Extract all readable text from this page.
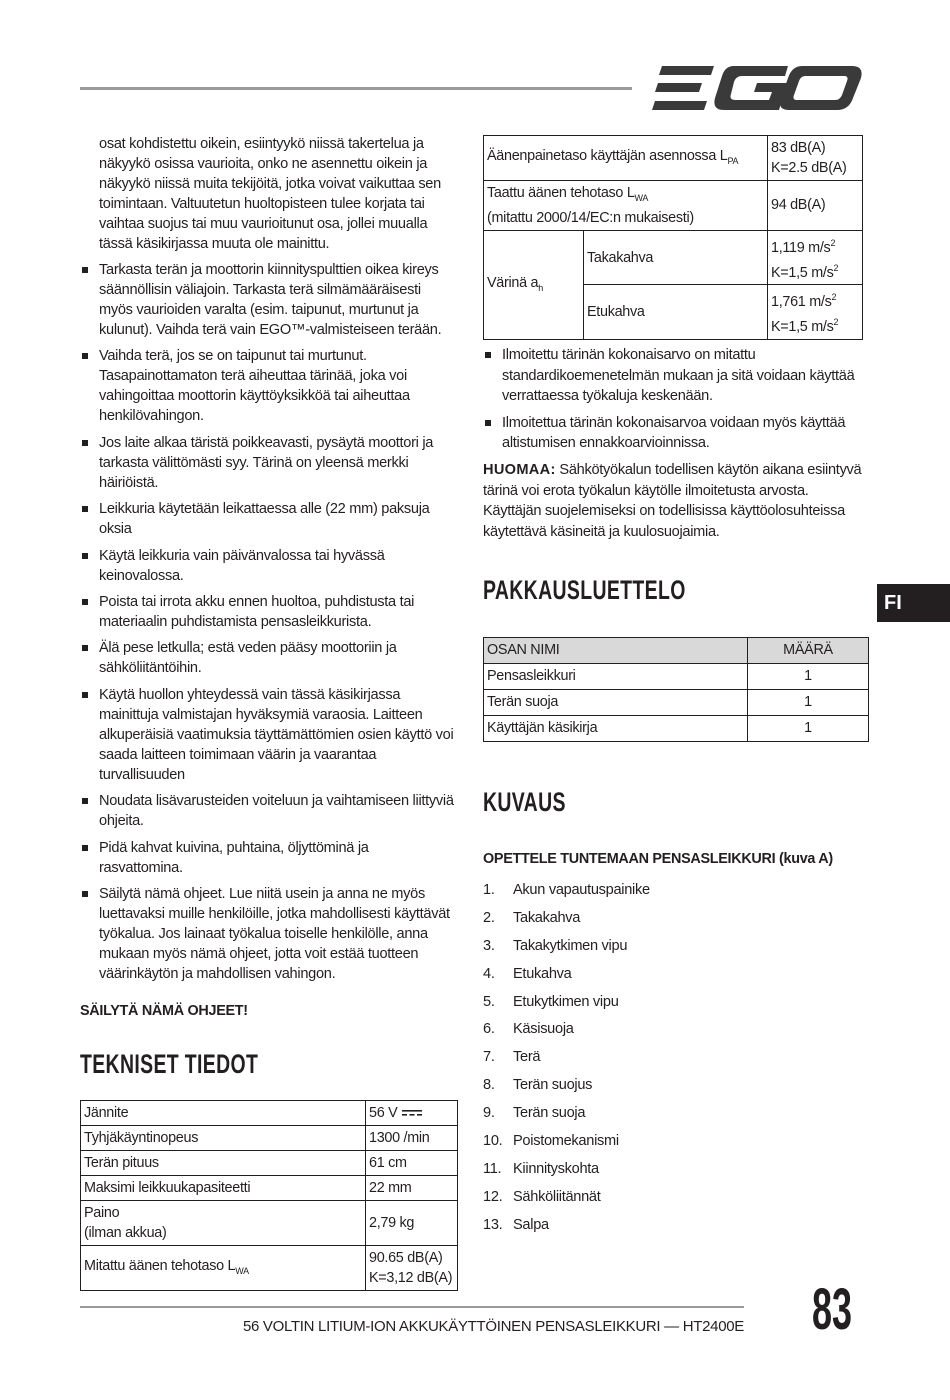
osat kohdistettu oikein, esiintyykö niissä takertelua ja näkyykö osissa vaurioita, onko ne asennettu oikein ja näkyykö niissä muita tekijöitä, jotka voivat vaikuttaa sen toimintaan. Valtuutetun huoltopisteen tulee korjata tai vaihtaa suojus tai muu vaurioitunut osa, jollei muualla tässä käsikirjassa muuta ole mainittu.

Tarkasta terän ja moottorin kiinnityspulttien oikea kireys säännöllisin väliajoin. Tarkasta terä silmämääräisesti myös vaurioiden varalta (esim. taipunut, murtunut ja kulunut). Vaihda terä vain EGO™-valmisteiseen terään.
Vaihda terä, jos se on taipunut tai murtunut. Tasapainottamaton terä aiheuttaa tärinää, joka voi vahingoittaa moottorin käyttöyksikköä tai aiheuttaa henkilövahingon.
Jos laite alkaa täristä poikkeavasti, pysäytä moottori ja tarkasta välittömästi syy. Tärinä on yleensä merkki häiriöistä.
Leikkuria käytetään leikattaessa alle (22 mm) paksuja oksia
Käytä leikkuria vain päivänvalossa tai hyvässä keinovalossa.
Poista tai irrota akku ennen huoltoa, puhdistusta tai materiaalin puhdistamista pensasleikkurista.
Älä pese letkulla; estä veden pääsy moottoriin ja sähköliitäntöihin.
Käytä huollon yhteydessä vain tässä käsikirjassa mainittuja valmistajan hyväksymiä varaosia. Laitteen alkuperäisiä vaatimuksia täyttämättömien osien käyttö voi saada laitteen toimimaan väärin ja vaarantaa turvallisuuden
Noudata lisävarusteiden voiteluun ja vaihtamiseen liittyviä ohjeita.
Pidä kahvat kuivina, puhtaina, öljyttöminä ja rasvattomina.
Säilytä nämä ohjeet. Lue niitä usein ja anna ne myös luettavaksi muille henkilöille, jotka mahdollisesti käyttävät työkalua. Jos lainaat työkalua toiselle henkilölle, anna mukaan myös nämä ohjeet, jotta voit estää tuotteen väärinkäytön ja mahdollisen vahingon.
SÄILYTÄ NÄMÄ OHJEET!
TEKNISET TIEDOT
Jännite	56 V
Tyhjäkäyntinopeus	1300 /min
Terän pituus	61 cm
Maksimi leikkuukapasiteetti	22 mm
Paino
(ilman akkua)	2,79 kg
Mitattu äänen tehotaso $L_{WA}$	90.65 dB(A)
K=3,12 dB(A)
Äänenpainetaso käyttäjän asennossa $L_{PA}$		83 dB(A)
K=2.5 dB(A)
Taattu äänen tehotaso $L_{WA}$
(mitattu 2000/14/EC:n mukaisesti)		94 dB(A)
Värinä $a_h$	Takakahva	1,119 $m/s^2$
K=1,5 $m/s^2$
	Etukahva	1,761 $m/s^2$
K=1,5 $m/s^2$
Ilmoitettu tärinän kokonaisarvo on mitattu standardikoemenetelmän mukaan ja sitä voidaan käyttää verrattaessa työkaluja keskenään.
Ilmoitettua tärinän kokonaisarvoa voidaan myös käyttää altistumisen ennakkoarvioinnissa.

HUOMAA: Sähkötyökalun todellisen käytön aikana esiintyvä tärinä voi erota työkalun käytölle ilmoitetusta arvosta. Käyttäjän suojelemiseksi on todellisissa käyttöolosuhteissa käytettävä käsineitä ja kuulosuojaimia.

PAKKAUSLUETTELO
OSAN NIMI	MÄÄRÄ
Pensasleikkuri	1
Terän suoja	1
Käyttäjän käsikirja	1
KUVAUS
OPETTELE TUNTEMAAN PENSASLEIKKURI (kuva A)
1. Akun vapautuspainike
2. Takakahva
3. Takakytkimen vipu
4. Etukahva
5. Etukytkimen vipu
6. Käsisuoja
7. Terä
8. Terän suojus
9. Terän suoja
10. Poistomekanismi
11. Kiinnityskohta
12. Sähköliitännät
13. Salpa
FI
56 VOLTIN LITIUM-ION AKKUKÄYTTÖINEN PENSASLEIKKURI — HT2400E 83
